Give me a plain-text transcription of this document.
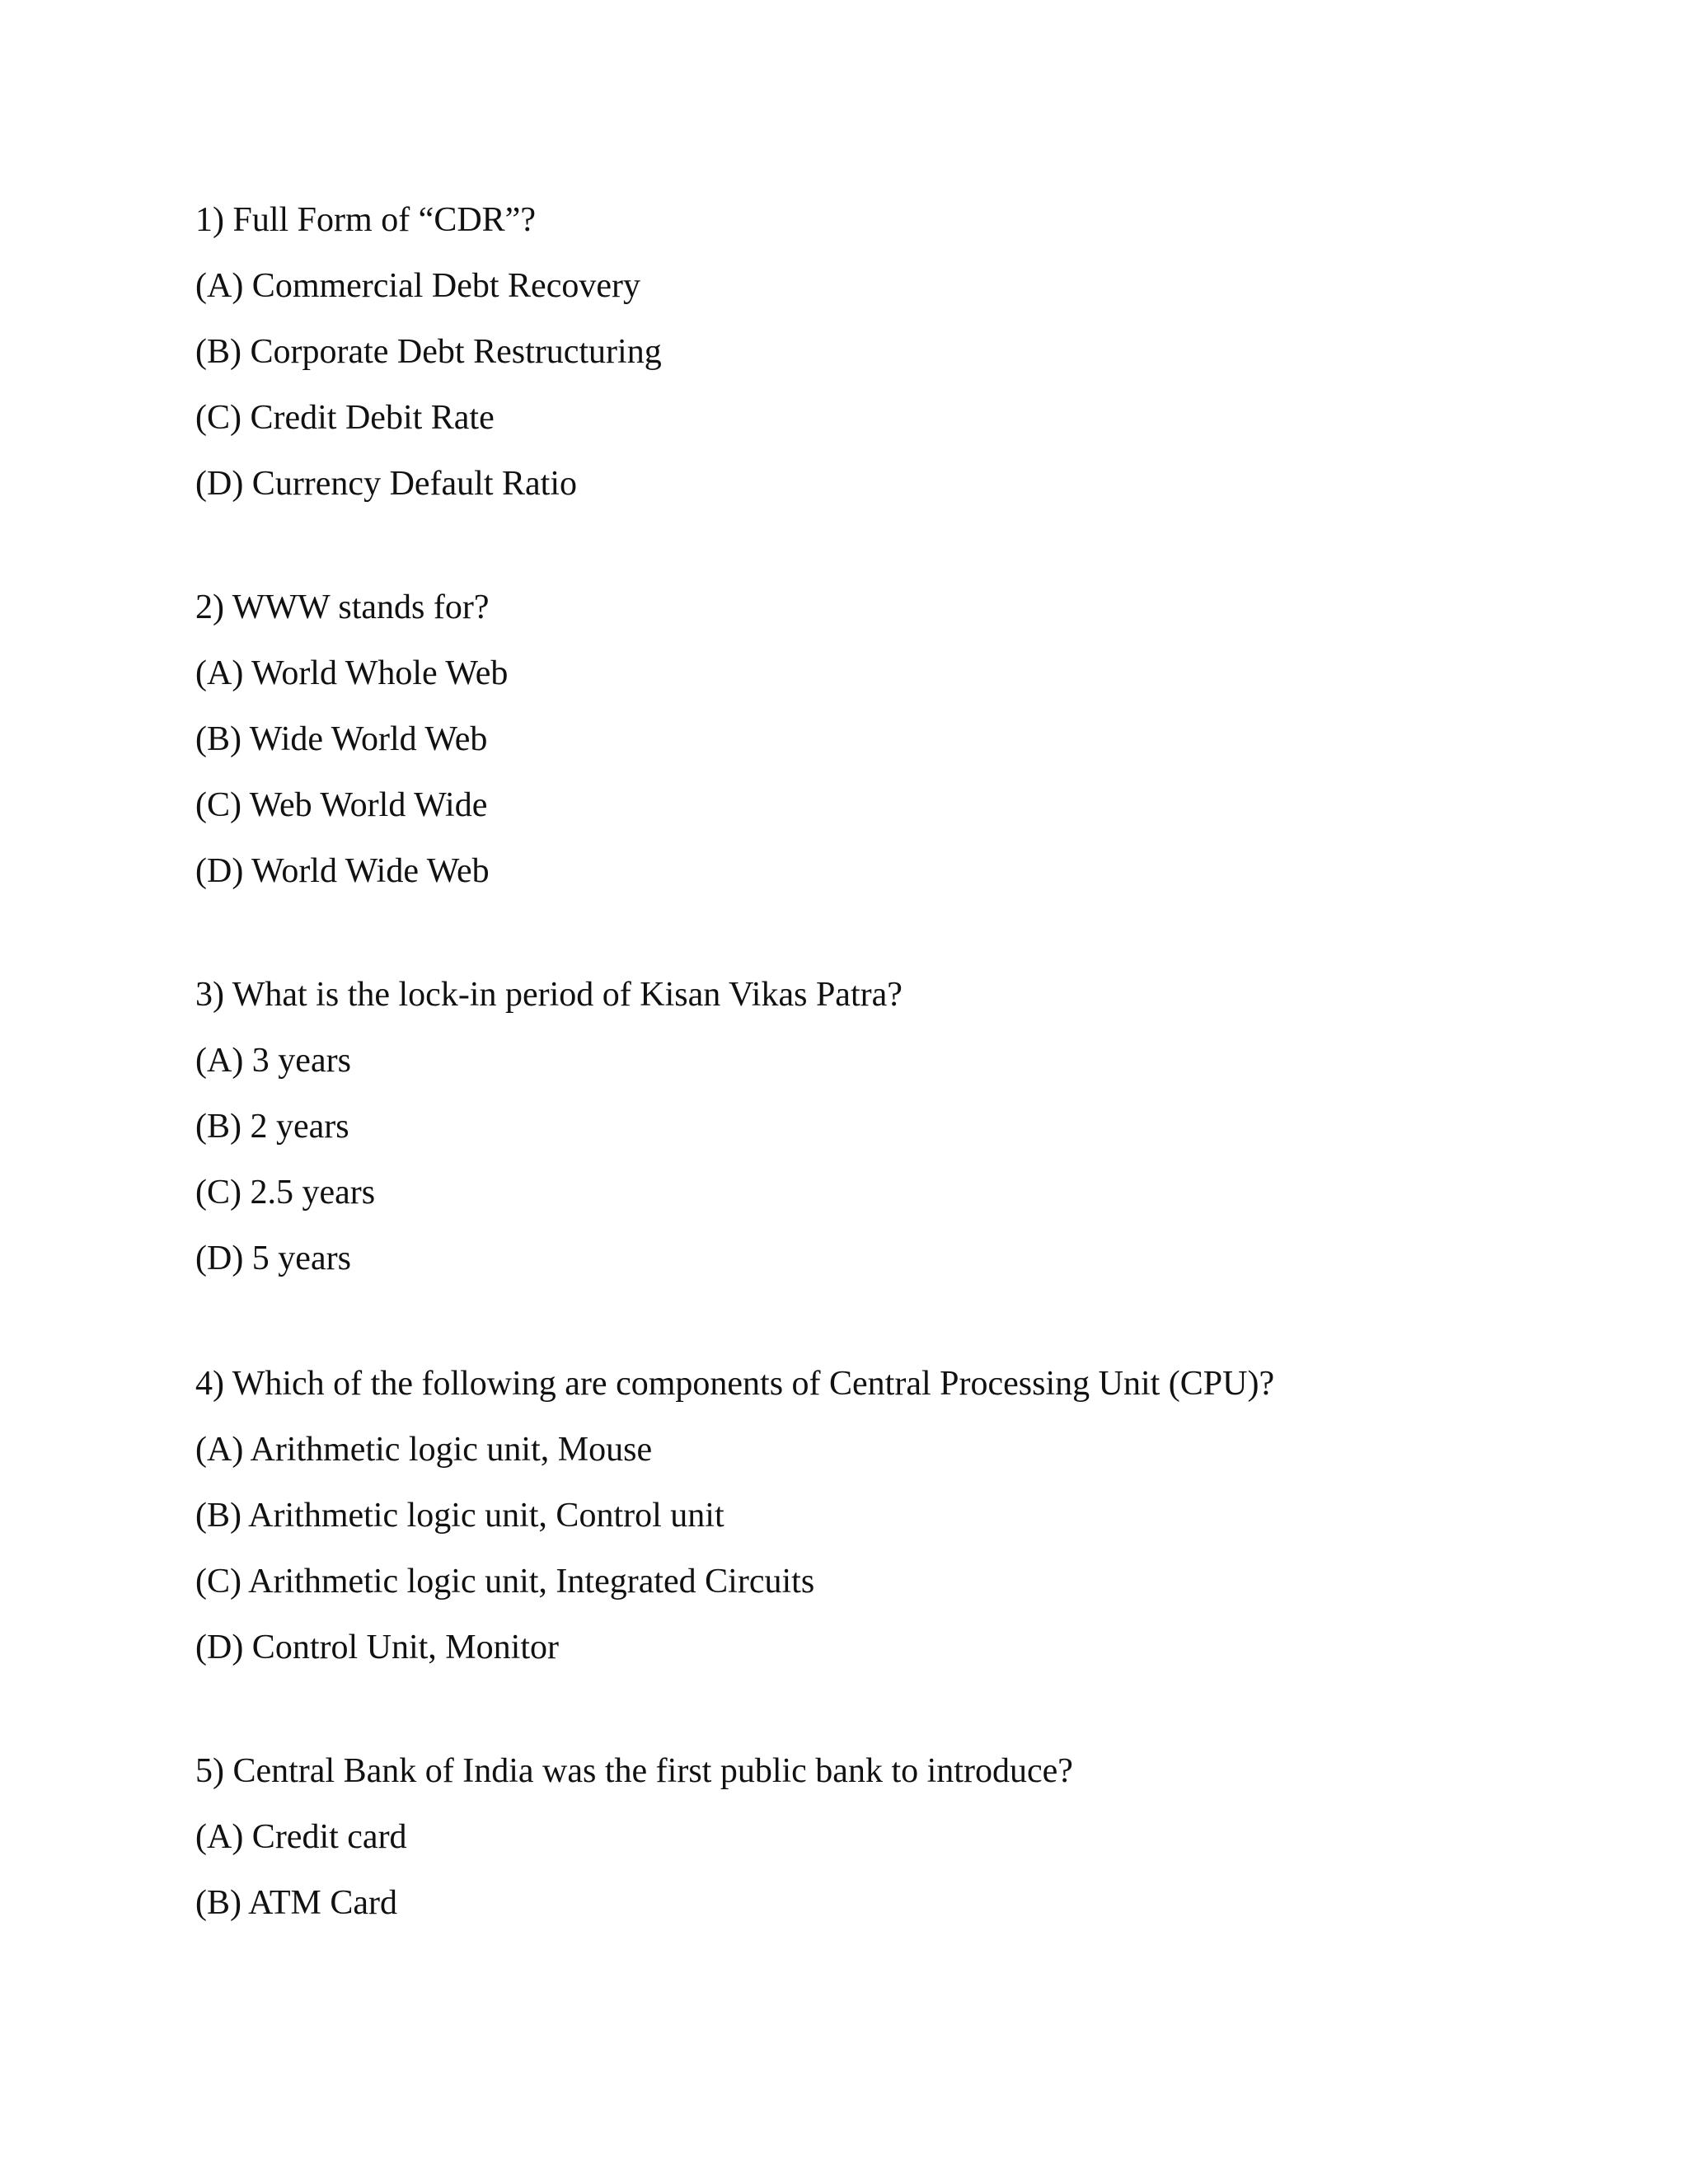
1) Full Form of “CDR”?

(A) Commercial Debt Recovery

(B) Corporate Debt Restructuring

(C) Credit Debit Rate

(D) Currency Default Ratio

2) WWW stands for?

(A) World Whole Web

(B) Wide World Web

(C) Web World Wide

(D) World Wide Web

3) What is the lock-in period of Kisan Vikas Patra?

(A) 3 years

(B) 2 years

(C) 2.5 years

(D) 5 years

4) Which of the following are components of Central Processing Unit (CPU)?

(A) Arithmetic logic unit, Mouse

(B) Arithmetic logic unit, Control unit

(C) Arithmetic logic unit, Integrated Circuits

(D) Control Unit, Monitor

5) Central Bank of India was the first public bank to introduce?

(A) Credit card

(B) ATM Card
